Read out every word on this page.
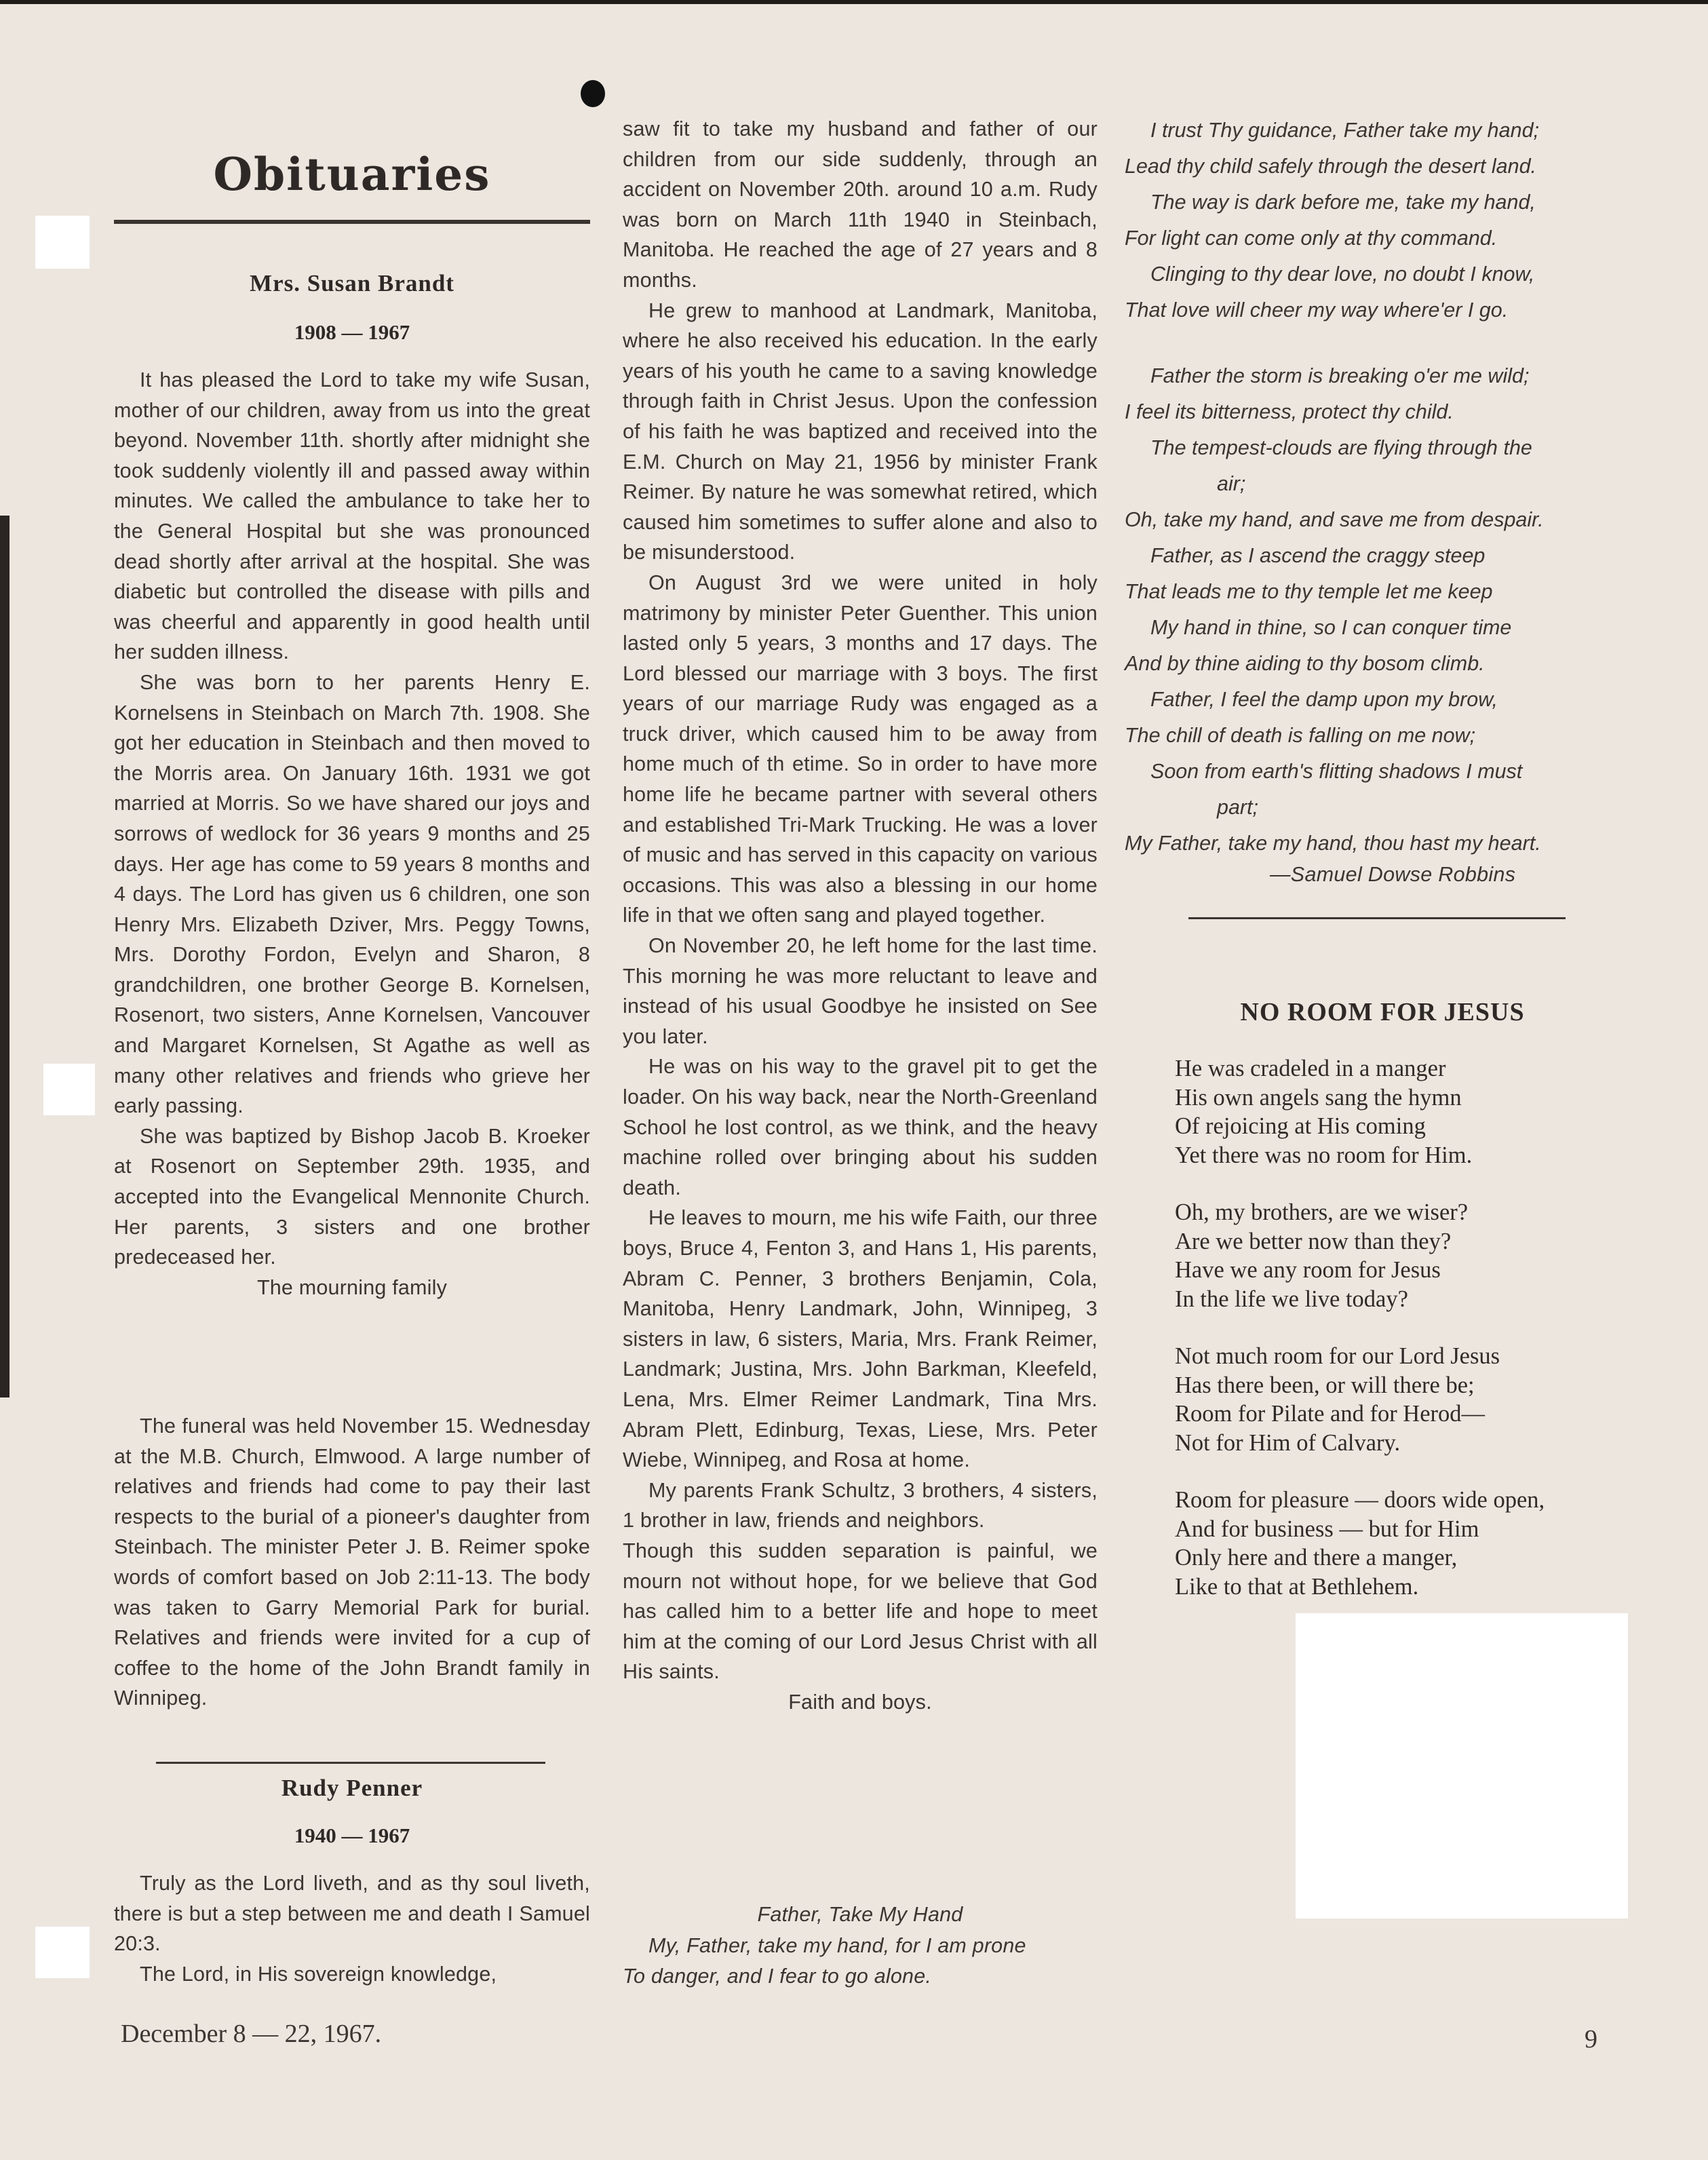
Obituaries
Mrs. Susan Brandt
1908 — 1967

It has pleased the Lord to take my wife Susan, mother of our children, away from us into the great beyond. November 11th. shortly after midnight she took suddenly violently ill and passed away within minutes. We called the ambulance to take her to the General Hospital but she was pronounced dead shortly after arrival at the hospital. She was diabetic but controlled the disease with pills and was cheerful and apparently in good health until her sudden illness.

She was born to her parents Henry E. Kornelsens in Steinbach on March 7th. 1908. She got her education in Steinbach and then moved to the Morris area. On January 16th. 1931 we got married at Morris. So we have shared our joys and sorrows of wedlock for 36 years 9 months and 25 days. Her age has come to 59 years 8 months and 4 days. The Lord has given us 6 children, one son Henry Mrs. Elizabeth Dziver, Mrs. Peggy Towns, Mrs. Dorothy Fordon, Evelyn and Sharon, 8 grandchildren, one brother George B. Kornelsen, Rosenort, two sisters, Anne Kornelsen, Vancouver and Margaret Kornelsen, St Agathe as well as many other relatives and friends who grieve her early passing.

She was baptized by Bishop Jacob B. Kroeker at Rosenort on September 29th. 1935, and accepted into the Evangelical Mennonite Church. Her parents, 3 sisters and one brother predeceased her.

The mourning family

The funeral was held November 15. Wednesday at the M.B. Church, Elmwood. A large number of relatives and friends had come to pay their last respects to the burial of a pioneer's daughter from Steinbach. The minister Peter J. B. Reimer spoke words of comfort based on Job 2:11-13. The body was taken to Garry Memorial Park for burial. Relatives and friends were invited for a cup of coffee to the home of the John Brandt family in Winnipeg.

Rudy Penner
1940 — 1967

Truly as the Lord liveth, and as thy soul liveth, there is but a step between me and death I Samuel 20:3.

The Lord, in His sovereign knowledge,

saw fit to take my husband and father of our children from our side suddenly, through an accident on November 20th. around 10 a.m. Rudy was born on March 11th 1940 in Steinbach, Manitoba. He reached the age of 27 years and 8 months.

He grew to manhood at Landmark, Manitoba, where he also received his education. In the early years of his youth he came to a saving knowledge through faith in Christ Jesus. Upon the confession of his faith he was baptized and received into the E.M. Church on May 21, 1956 by minister Frank Reimer. By nature he was somewhat retired, which caused him sometimes to suffer alone and also to be misunderstood.

On August 3rd we were united in holy matrimony by minister Peter Guenther. This union lasted only 5 years, 3 months and 17 days. The Lord blessed our marriage with 3 boys. The first years of our marriage Rudy was engaged as a truck driver, which caused him to be away from home much of th etime. So in order to have more home life he became partner with several others and established Tri-Mark Trucking. He was a lover of music and has served in this capacity on various occasions. This was also a blessing in our home life in that we often sang and played together.

On November 20, he left home for the last time. This morning he was more reluctant to leave and instead of his usual Goodbye he insisted on See you later.

He was on his way to the gravel pit to get the loader. On his way back, near the North-Greenland School he lost control, as we think, and the heavy machine rolled over bringing about his sudden death.

He leaves to mourn, me his wife Faith, our three boys, Bruce 4, Fenton 3, and Hans 1, His parents, Abram C. Penner, 3 brothers Benjamin, Cola, Manitoba, Henry Landmark, John, Winnipeg, 3 sisters in law, 6 sisters, Maria, Mrs. Frank Reimer, Landmark; Justina, Mrs. John Barkman, Kleefeld, Lena, Mrs. Elmer Reimer Landmark, Tina Mrs. Abram Plett, Edinburg, Texas, Liese, Mrs. Peter Wiebe, Winnipeg, and Rosa at home.

My parents Frank Schultz, 3 brothers, 4 sisters, 1 brother in law, friends and neighbors.

Though this sudden separation is painful, we mourn not without hope, for we believe that God has called him to a better life and hope to meet him at the coming of our Lord Jesus Christ with all His saints.

Faith and boys.

Father, Take My Hand

My, Father, take my hand, for I am prone

To danger, and I fear to go alone.

I trust Thy guidance, Father take my hand;
Lead thy child safely through the desert land.
The way is dark before me, take my hand,
For light can come only at thy command.
Clinging to thy dear love, no doubt I know,
That love will cheer my way where'er I go.
Father the storm is breaking o'er me wild;
I feel its bitterness, protect thy child.
The tempest-clouds are flying through the
air;
Oh, take my hand, and save me from despair.
Father, as I ascend the craggy steep
That leads me to thy temple let me keep
My hand in thine, so I can conquer time
And by thine aiding to thy bosom climb.
Father, I feel the damp upon my brow,
The chill of death is falling on me now;
Soon from earth's flitting shadows I must
part;
My Father, take my hand, thou hast my heart.
—Samuel Dowse Robbins
NO ROOM FOR JESUS
He was cradeled in a manger
His own angels sang the hymn
Of rejoicing at His coming
Yet there was no room for Him.
Oh, my brothers, are we wiser?
Are we better now than they?
Have we any room for Jesus
In the life we live today?
Not much room for our Lord Jesus
Has there been, or will there be;
Room for Pilate and for Herod—
Not for Him of Calvary.
Room for pleasure — doors wide open,
And for business — but for Him
Only here and there a manger,
Like to that at Bethlehem.
December 8 — 22, 1967.	9
